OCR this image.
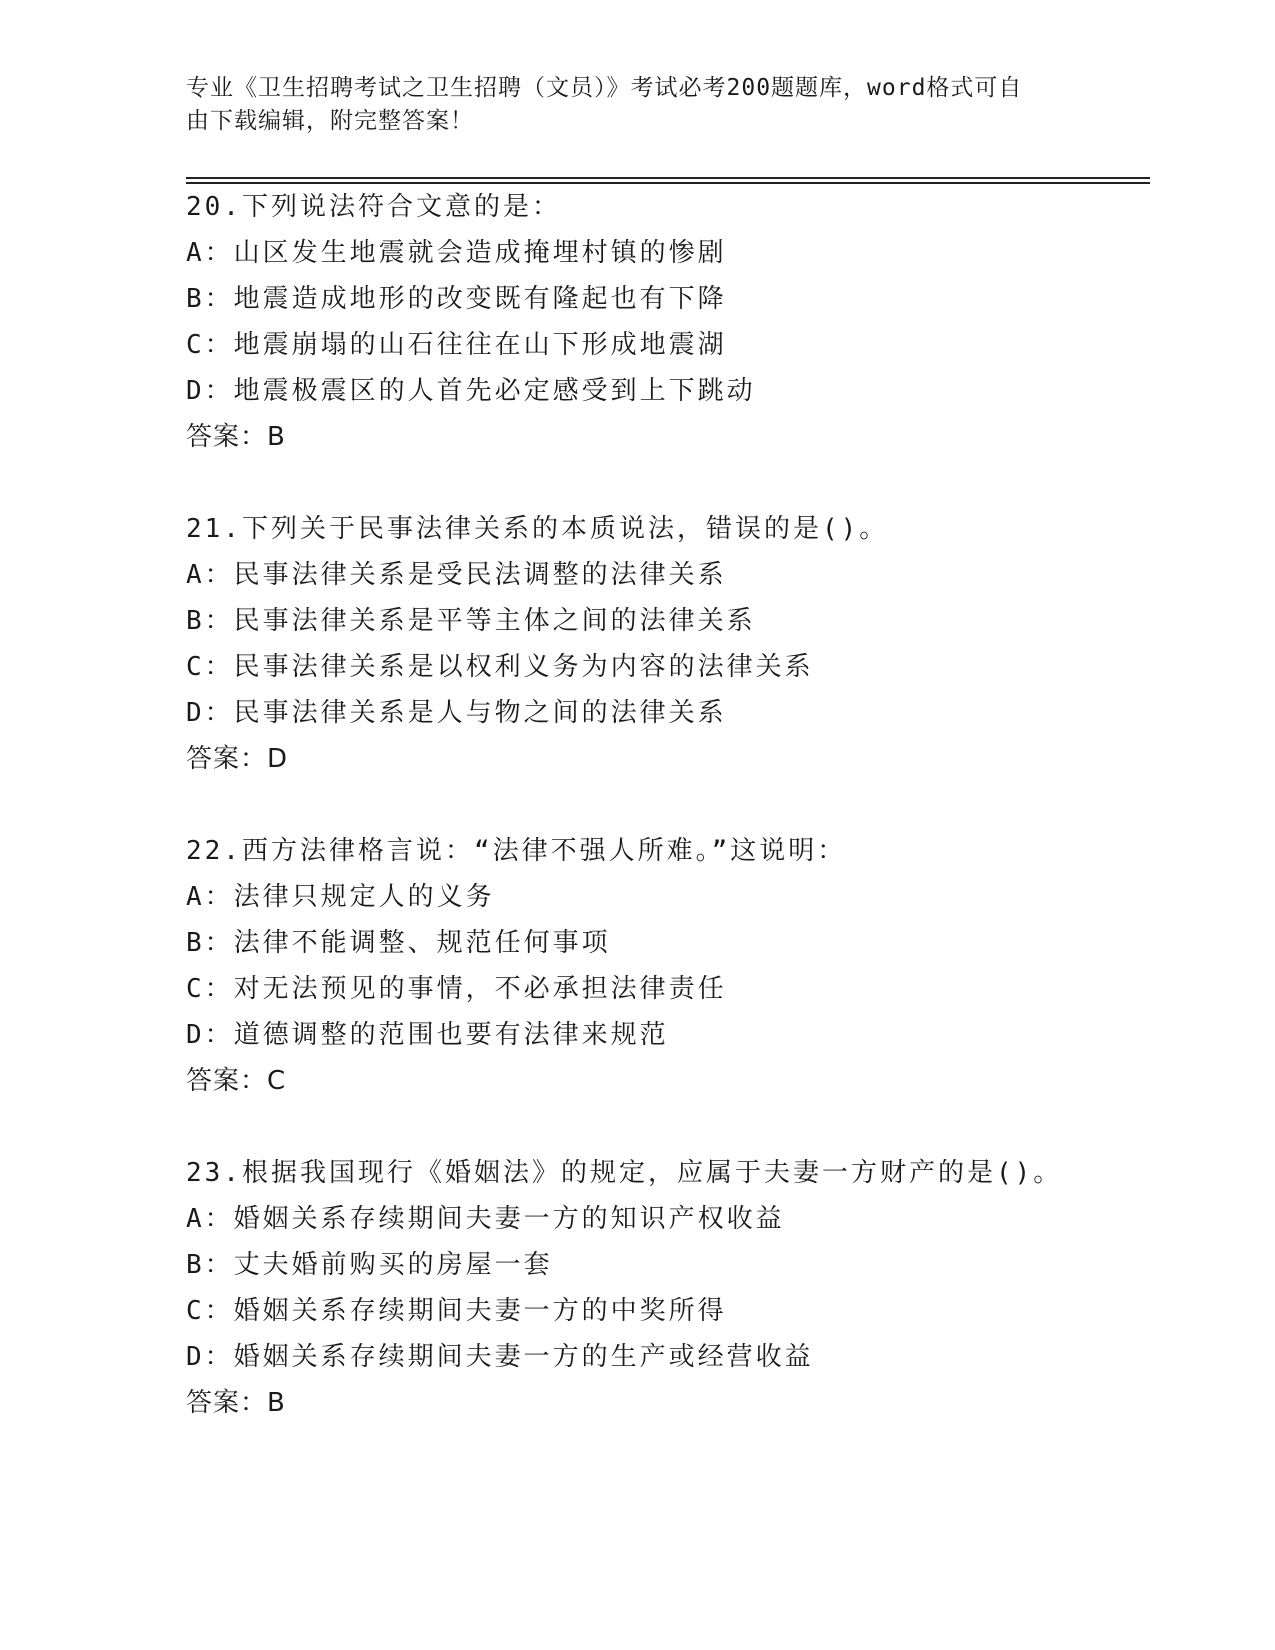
专业《卫生招聘考试之卫生招聘（文员）》考试必考200题题库，word格式可自
由下载编辑，附完整答案！
20.下列说法符合文意的是：
A：山区发生地震就会造成掩埋村镇的惨剧
B：地震造成地形的改变既有隆起也有下降
C：地震崩塌的山石往往在山下形成地震湖
D：地震极震区的人首先必定感受到上下跳动
答案：B
21.下列关于民事法律关系的本质说法，错误的是()。
A：民事法律关系是受民法调整的法律关系
B：民事法律关系是平等主体之间的法律关系
C：民事法律关系是以权利义务为内容的法律关系
D：民事法律关系是人与物之间的法律关系
答案：D
22.西方法律格言说：“法律不强人所难。”这说明：
A：法律只规定人的义务
B：法律不能调整、规范任何事项
C：对无法预见的事情，不必承担法律责任
D：道德调整的范围也要有法律来规范
答案：C
23.根据我国现行《婚姻法》的规定，应属于夫妻一方财产的是()。
A：婚姻关系存续期间夫妻一方的知识产权收益
B：丈夫婚前购买的房屋一套
C：婚姻关系存续期间夫妻一方的中奖所得
D：婚姻关系存续期间夫妻一方的生产或经营收益
答案：B
